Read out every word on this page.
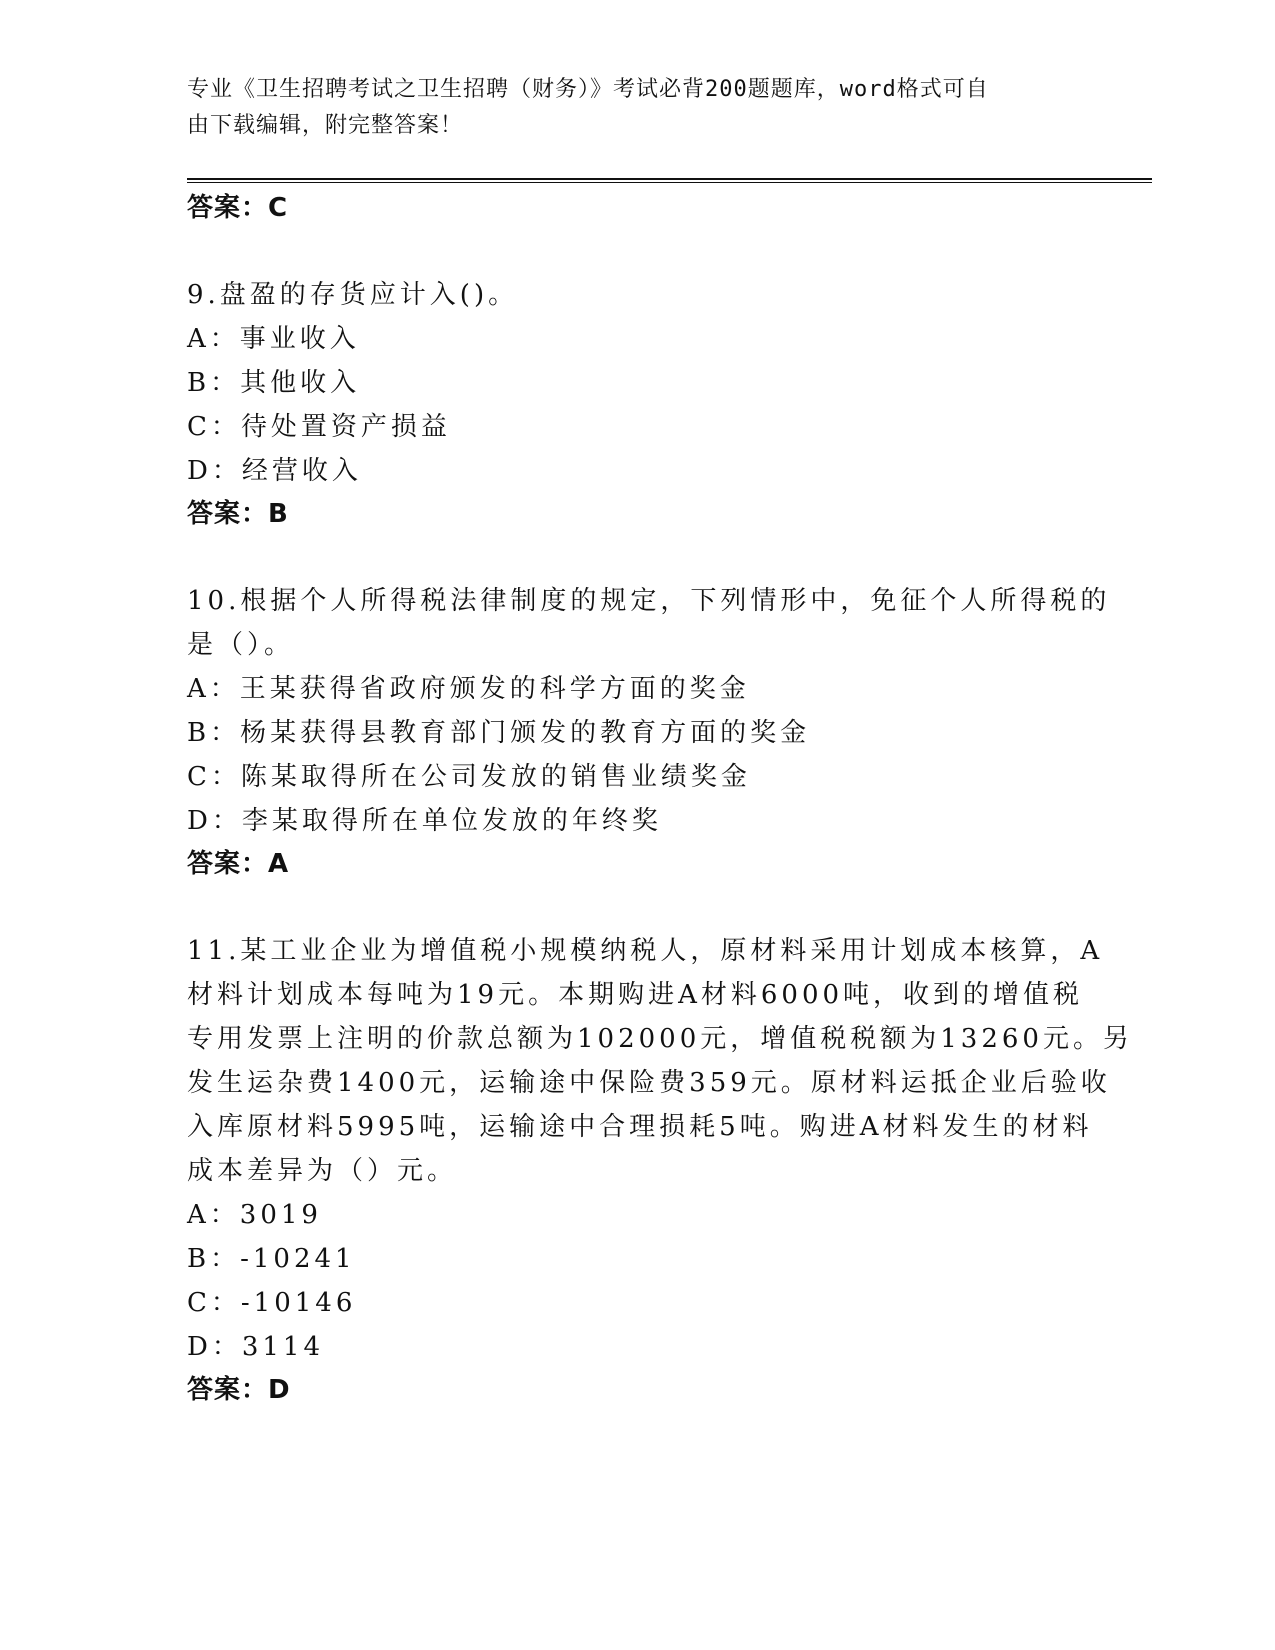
专业《卫生招聘考试之卫生招聘（财务）》考试必背200题题库，word格式可自
由下载编辑，附完整答案！
答案：C
9.盘盈的存货应计入()。
A：事业收入
B：其他收入
C：待处置资产损益
D：经营收入
答案：B
10.根据个人所得税法律制度的规定，下列情形中，免征个人所得税的
是（）。
A：王某获得省政府颁发的科学方面的奖金
B：杨某获得县教育部门颁发的教育方面的奖金
C：陈某取得所在公司发放的销售业绩奖金
D：李某取得所在单位发放的年终奖
答案：A
11.某工业企业为增值税小规模纳税人，原材料采用计划成本核算，A
材料计划成本每吨为19元。本期购进A材料6000吨，收到的增值税
专用发票上注明的价款总额为102000元，增值税税额为13260元。另
发生运杂费1400元，运输途中保险费359元。原材料运抵企业后验收
入库原材料5995吨，运输途中合理损耗5吨。购进A材料发生的材料
成本差异为（）元。
A：3019
B：-10241
C：-10146
D：3114
答案：D
